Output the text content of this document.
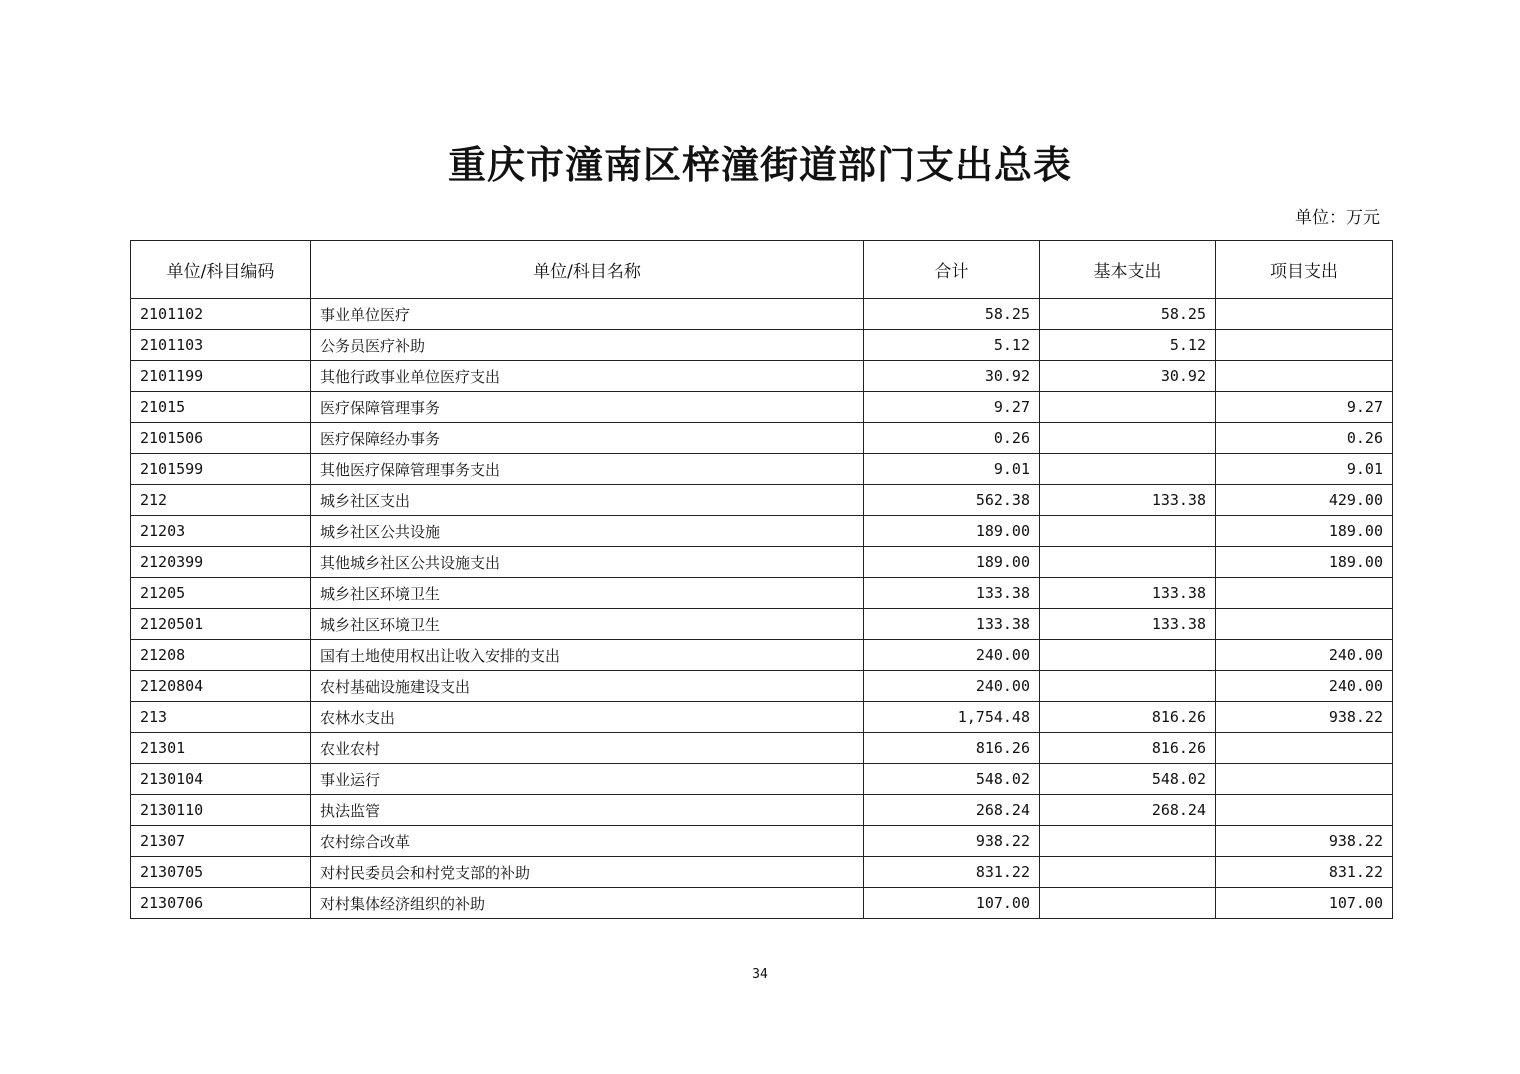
重庆市潼南区梓潼街道部门支出总表
单位：万元
单位/科目编码	单位/科目名称	合计	基本支出	项目支出
2101102	事业单位医疗	58.25	58.25	
2101103	公务员医疗补助	5.12	5.12	
2101199	其他行政事业单位医疗支出	30.92	30.92	
21015	医疗保障管理事务	9.27		9.27
2101506	医疗保障经办事务	0.26		0.26
2101599	其他医疗保障管理事务支出	9.01		9.01
212	城乡社区支出	562.38	133.38	429.00
21203	城乡社区公共设施	189.00		189.00
2120399	其他城乡社区公共设施支出	189.00		189.00
21205	城乡社区环境卫生	133.38	133.38	
2120501	城乡社区环境卫生	133.38	133.38	
21208	国有土地使用权出让收入安排的支出	240.00		240.00
2120804	农村基础设施建设支出	240.00		240.00
213	农林水支出	1,754.48	816.26	938.22
21301	农业农村	816.26	816.26	
2130104	事业运行	548.02	548.02	
2130110	执法监管	268.24	268.24	
21307	农村综合改革	938.22		938.22
2130705	对村民委员会和村党支部的补助	831.22		831.22
2130706	对村集体经济组织的补助	107.00		107.00
34
